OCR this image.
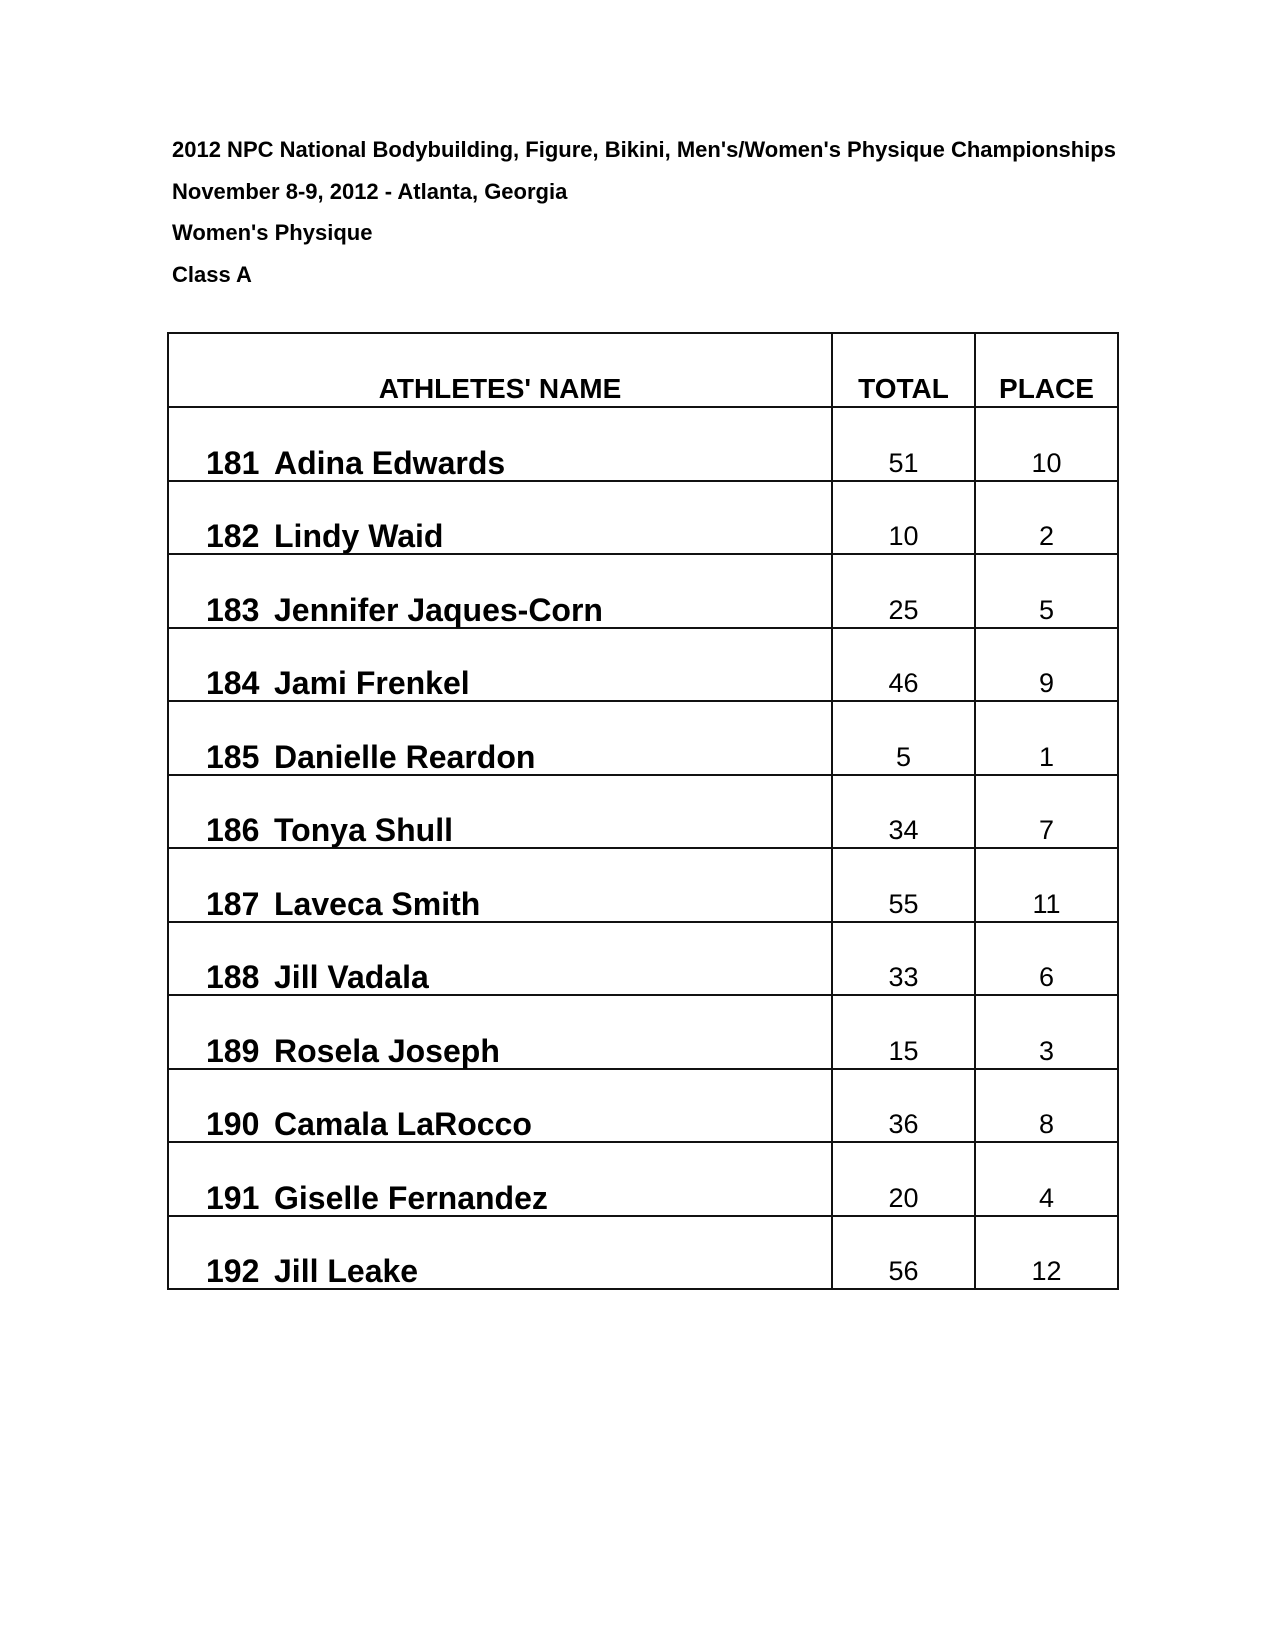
2012 NPC National Bodybuilding, Figure, Bikini, Men's/Women's Physique Championships
November 8-9, 2012 - Atlanta, Georgia
Women's Physique
Class A
ATHLETES' NAME	TOTAL	PLACE
181 Adina Edwards	51	10
182 Lindy Waid	10	2
183 Jennifer Jaques-Corn	25	5
184 Jami Frenkel	46	9
185 Danielle Reardon	5	1
186 Tonya Shull	34	7
187 Laveca Smith	55	11
188 Jill Vadala	33	6
189 Rosela Joseph	15	3
190 Camala LaRocco	36	8
191 Giselle Fernandez	20	4
192 Jill Leake	56	12
